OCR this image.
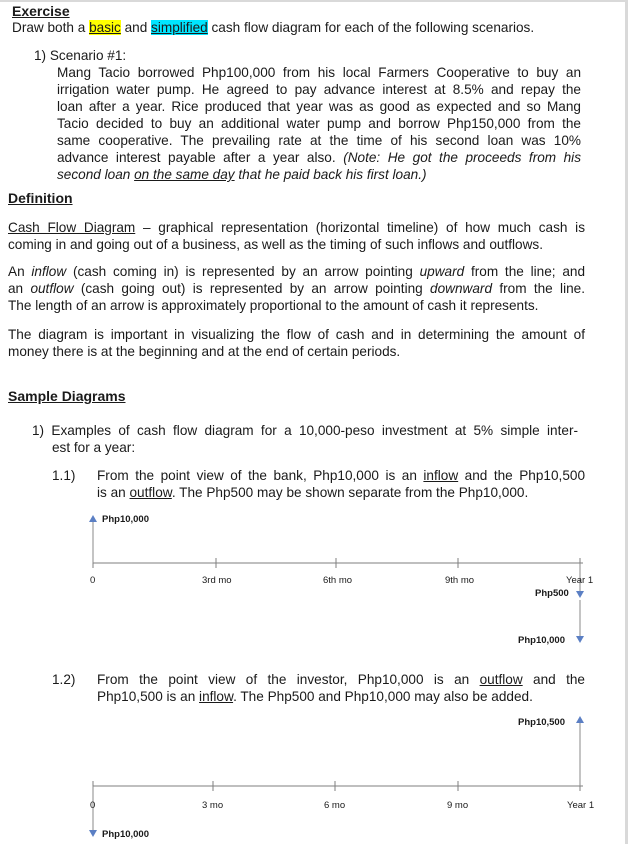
Exercise
Draw both a basic and simplified cash flow diagram for each of the following scenarios.
1) Scenario #1:
Mang Tacio borrowed Php100,000 from his local Farmers Cooperative to buy an
irrigation water pump. He agreed to pay advance interest at 8.5% and repay the
loan after a year. Rice produced that year was as good as expected and so Mang
Tacio decided to buy an additional water pump and borrow Php150,000 from the
same cooperative. The prevailing rate at the time of his second loan was 10%
advance interest payable after a year also. (Note: He got the proceeds from his
second loan on the same day that he paid back his first loan.)
Definition
Cash Flow Diagram – graphical representation (horizontal timeline) of how much cash is
coming in and going out of a business, as well as the timing of such inflows and outflows.
An inflow (cash coming in) is represented by an arrow pointing upward from the line; and
an outflow (cash going out) is represented by an arrow pointing downward from the line.
The length of an arrow is approximately proportional to the amount of cash it represents.
The diagram is important in visualizing the flow of cash and in determining the amount of
money there is at the beginning and at the end of certain periods.
Sample Diagrams
1) Examples of cash flow diagram for a 10,000-peso investment at 5% simple inter-
est for a year:
1.1) From the point view of the bank, Php10,000 is an inflow and the Php10,500
is an outflow. The Php500 may be shown separate from the Php10,000.
1.2) From the point view of the investor, Php10,000 is an outflow and the
Php10,500 is an inflow. The Php500 and Php10,000 may also be added.
Php10,000
0	3rd mo	6th mo	9th mo	Year 1
Php500
Php10,000
Php10,500
0	3 mo	6 mo	9 mo	Year 1
Php10,000
